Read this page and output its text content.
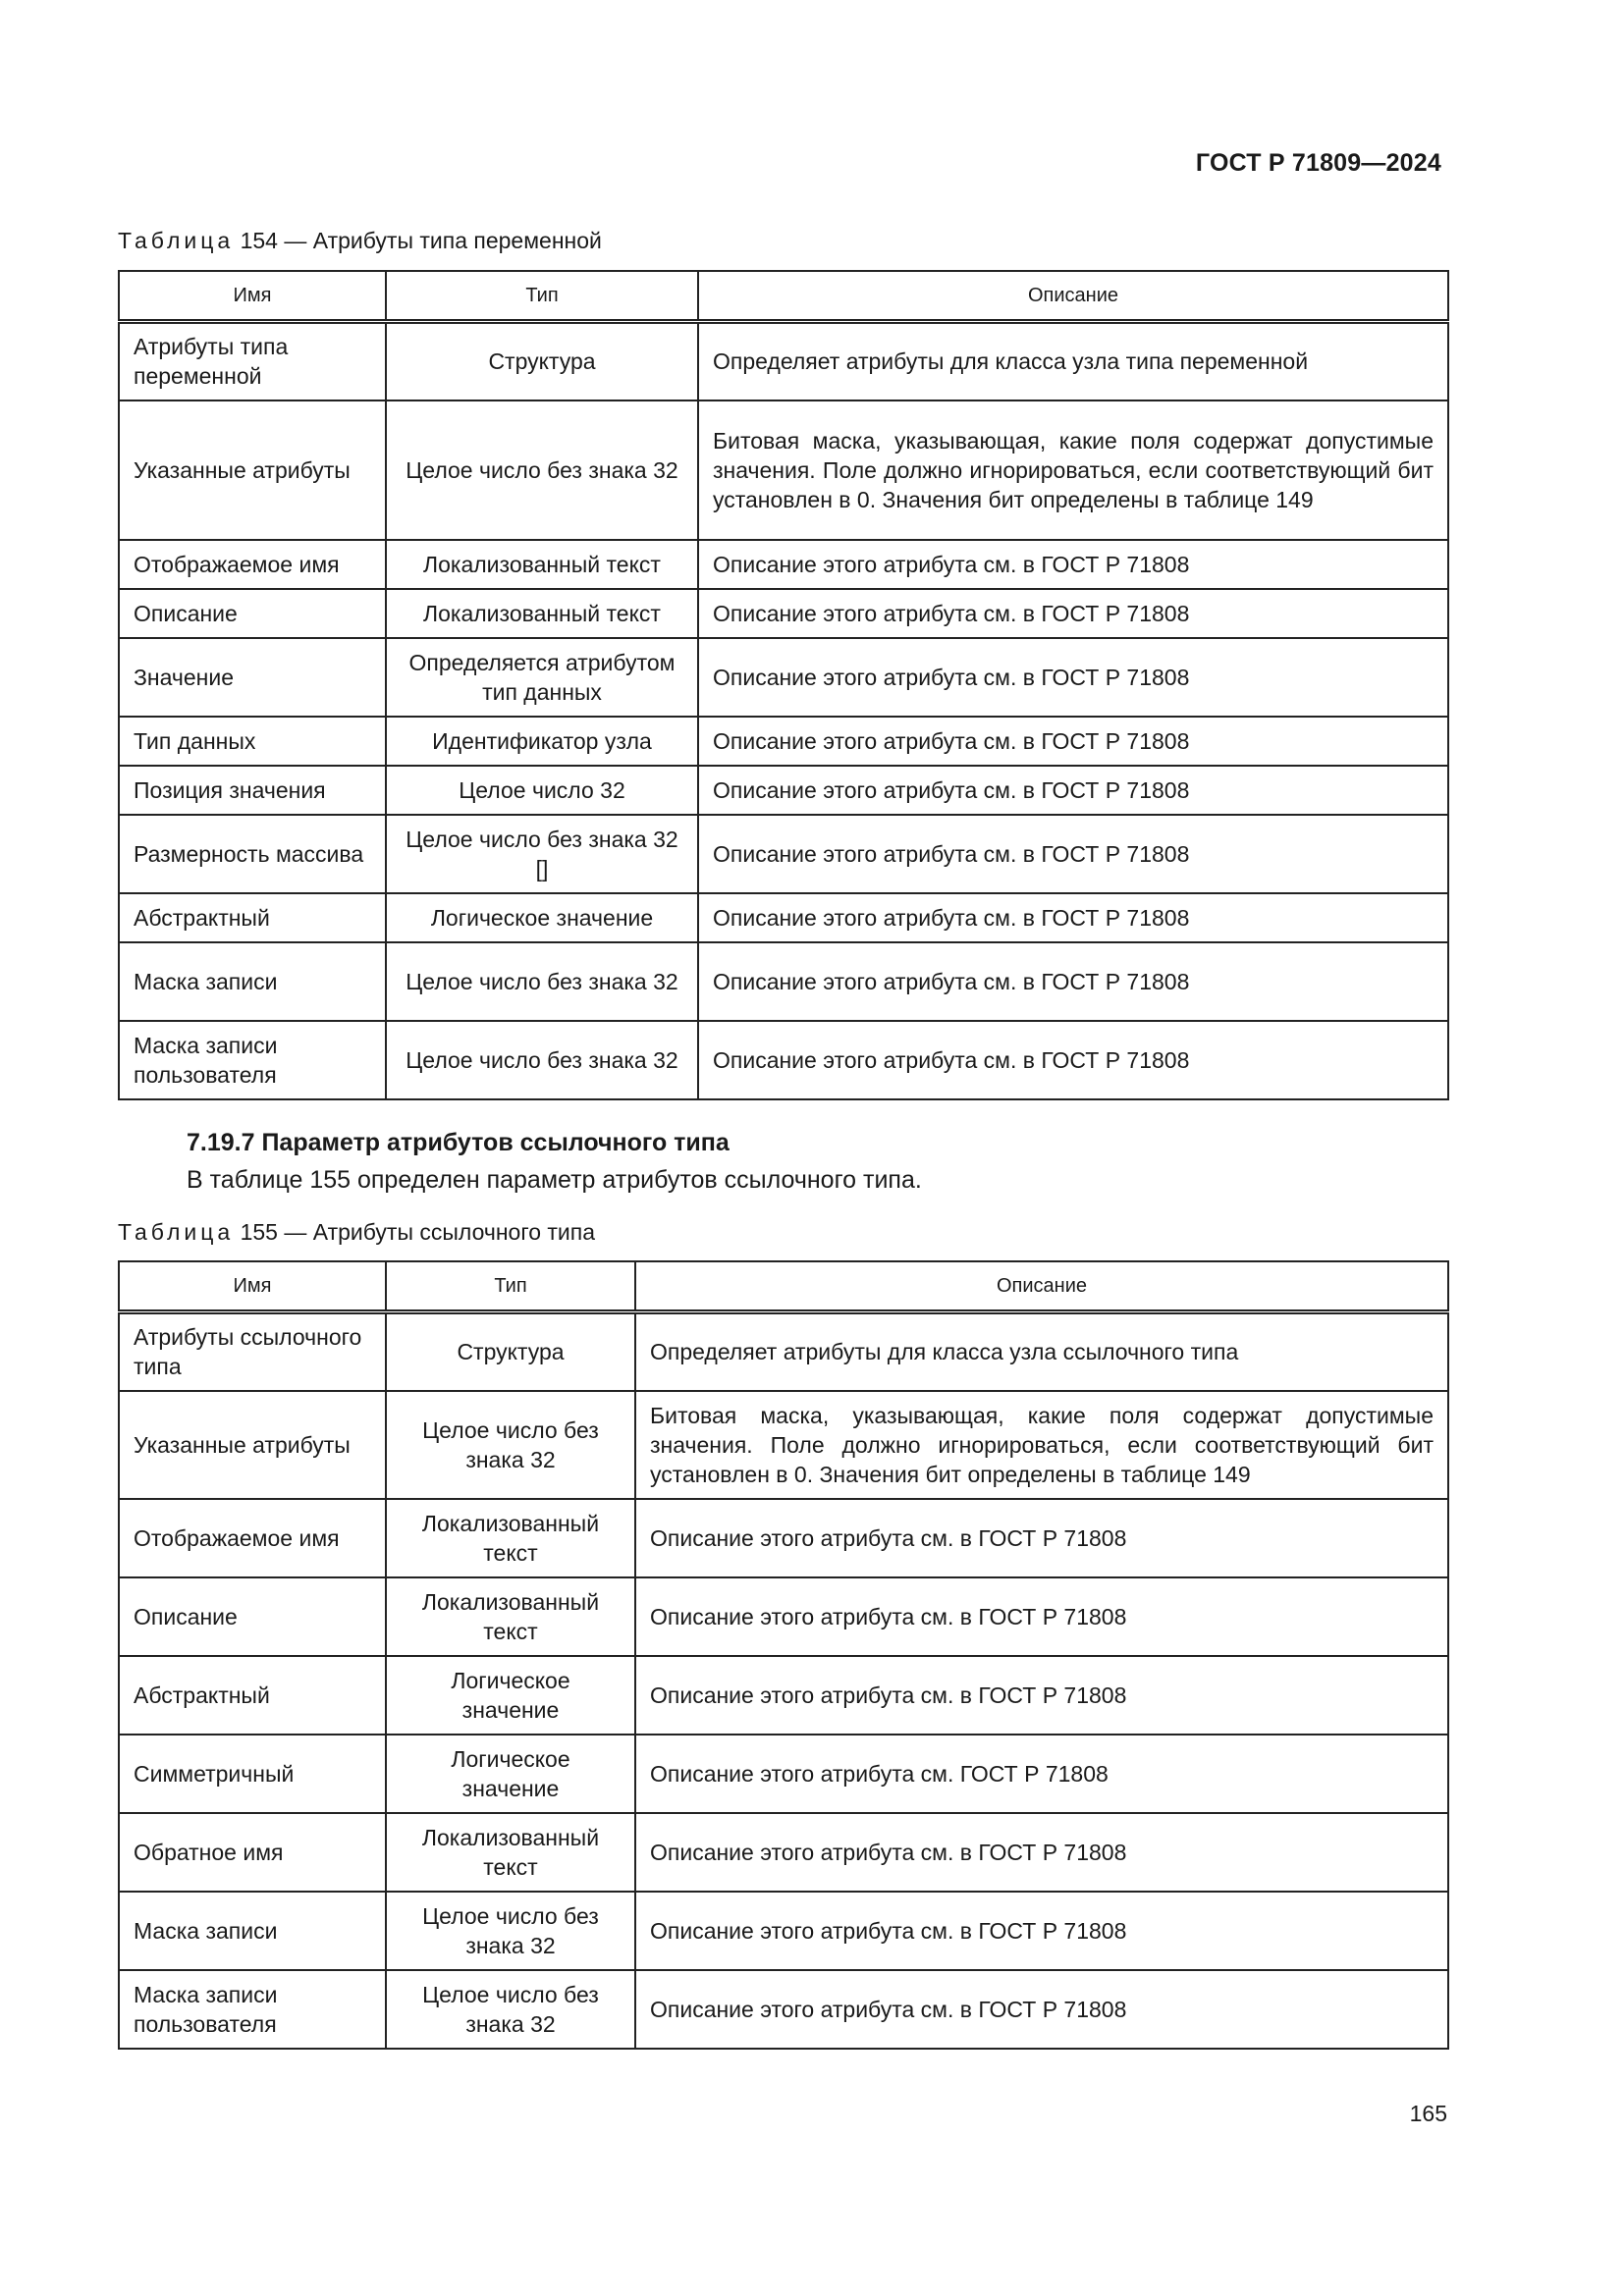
ГОСТ Р 71809—2024
Таблица 154 — Атрибуты типа переменной
Имя	Тип	Описание
Атрибуты типа переменной	Структура	Определяет атрибуты для класса узла типа переменной
Указанные атрибуты	Целое число без знака 32	Битовая маска, указывающая, какие поля содержат допустимые значения. Поле должно игнорироваться, если соответствующий бит установлен в 0. Значения бит определены в таблице 149
Отображаемое имя	Локализованный текст	Описание этого атрибута см. в ГОСТ Р 71808
Описание	Локализованный текст	Описание этого атрибута см. в ГОСТ Р 71808
Значение	Определяется атрибутом тип данных	Описание этого атрибута см. в ГОСТ Р 71808
Тип данных	Идентификатор узла	Описание этого атрибута см. в ГОСТ Р 71808
Позиция значения	Целое число 32	Описание этого атрибута см. в ГОСТ Р 71808
Размерность массива	Целое число без знака 32 []	Описание этого атрибута см. в ГОСТ Р 71808
Абстрактный	Логическое значение	Описание этого атрибута см. в ГОСТ Р 71808
Маска записи	Целое число без знака 32	Описание этого атрибута см. в ГОСТ Р 71808
Маска записи пользователя	Целое число без знака 32	Описание этого атрибута см. в ГОСТ Р 71808
7.19.7 Параметр атрибутов ссылочного типа
В таблице 155 определен параметр атрибутов ссылочного типа.
Таблица 155 — Атрибуты ссылочного типа
Имя	Тип	Описание
Атрибуты ссылочного типа	Структура	Определяет атрибуты для класса узла ссылочного типа
Указанные атрибуты	Целое число без знака 32	Битовая маска, указывающая, какие поля содержат допустимые значения. Поле должно игнорироваться, если соответствующий бит установлен в 0. Значения бит определены в таблице 149
Отображаемое имя	Локализованный текст	Описание этого атрибута см. в ГОСТ Р 71808
Описание	Локализованный текст	Описание этого атрибута см. в ГОСТ Р 71808
Абстрактный	Логическое значение	Описание этого атрибута см. в ГОСТ Р 71808
Симметричный	Логическое значение	Описание этого атрибута см. ГОСТ Р 71808
Обратное имя	Локализованный текст	Описание этого атрибута см. в ГОСТ Р 71808
Маска записи	Целое число без знака 32	Описание этого атрибута см. в ГОСТ Р 71808
Маска записи пользователя	Целое число без знака 32	Описание этого атрибута см. в ГОСТ Р 71808
165
